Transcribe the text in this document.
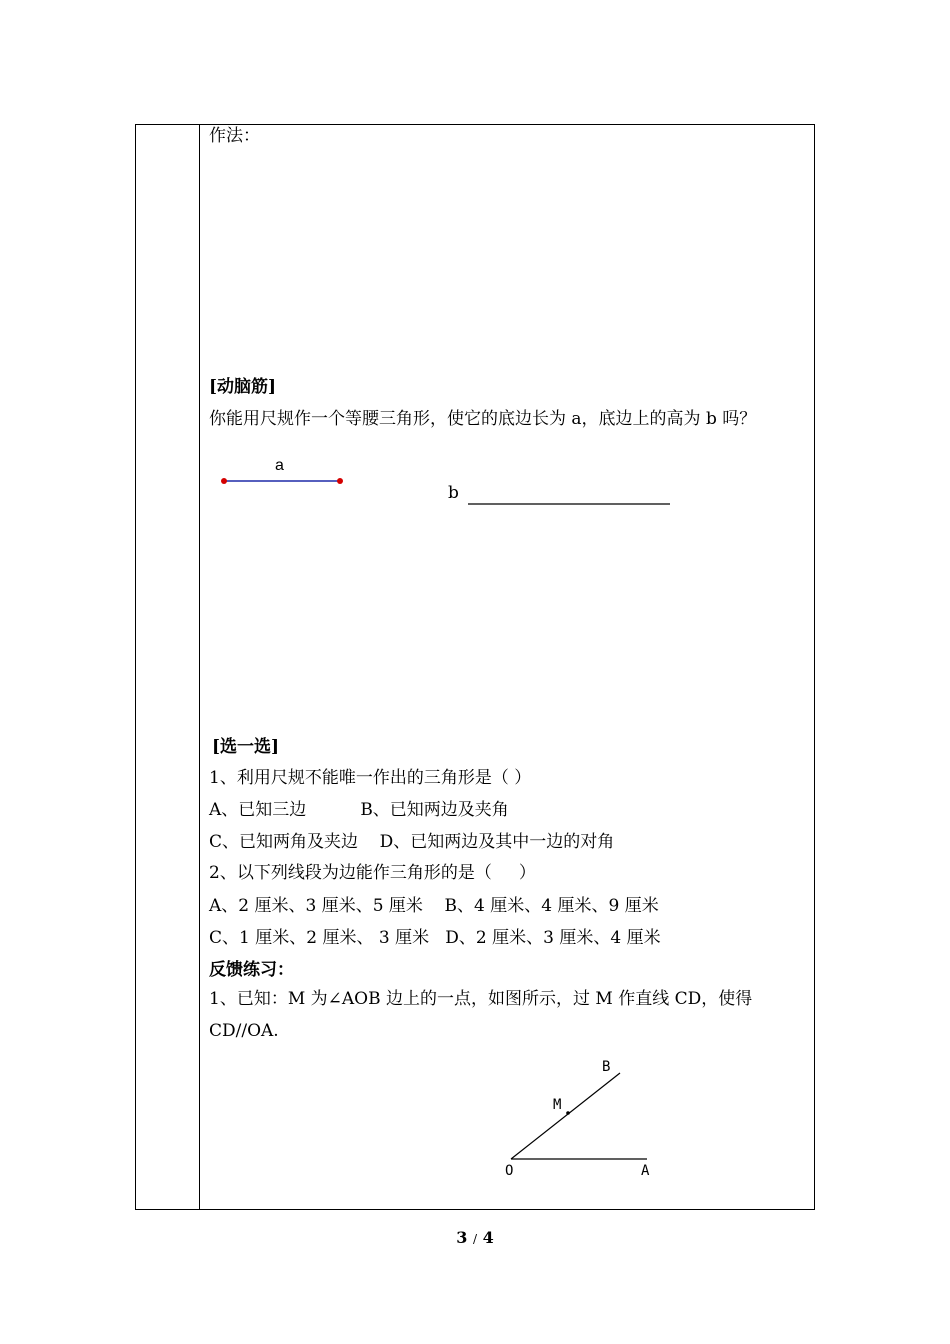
作法：
[动脑筋]
你能用尺规作一个等腰三角形，使它的底边长为 a，底边上的高为 b 吗？
a
b
[选一选]
1、利用尺规不能唯一作出的三角形是（ ）
A、已知三边          B、已知两边及夹角
C、已知两角及夹边    D、已知两边及其中一边的对角
2、以下列线段为边能作三角形的是（     ）
A、2 厘米、3 厘米、5 厘米    B、4 厘米、4 厘米、9 厘米
C、1 厘米、2 厘米、 3 厘米   D、2 厘米、3 厘米、4 厘米
反馈练习：
1、已知：M 为∠AOB 边上的一点，如图所示，过 M 作直线 CD，使得
CD//OA.
B
M
O	A
3 / 4
